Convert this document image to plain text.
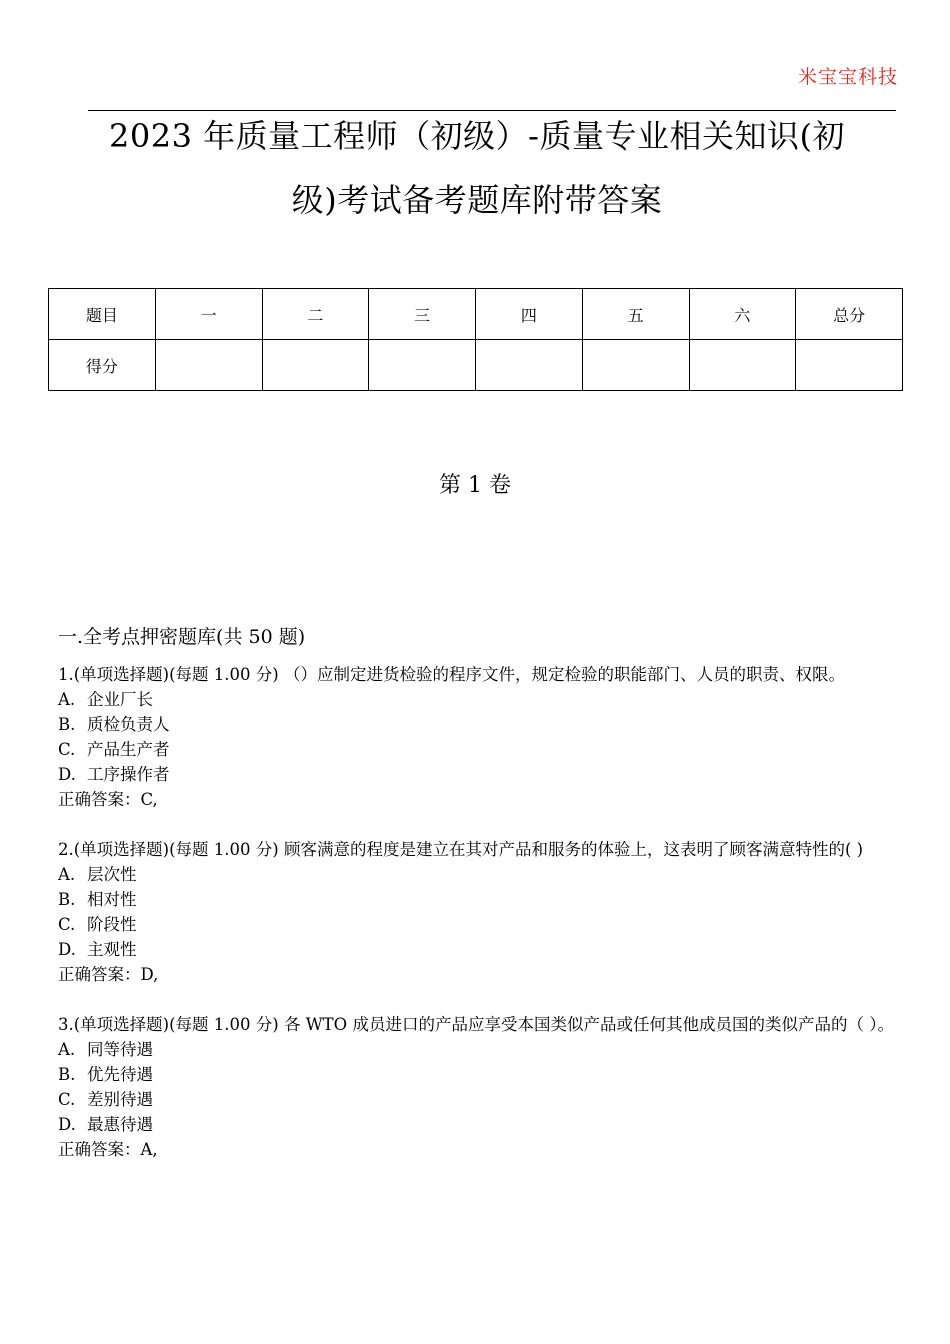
米宝宝科技
2023 年质量工程师（初级）-质量专业相关知识(初
级)考试备考题库附带答案
题目	一	二	三	四	五	六	总分
得分							
第 1 卷
一.全考点押密题库(共 50 题)
1.(单项选择题)(每题 1.00 分) （）应制定进货检验的程序文件，规定检验的职能部门、人员的职责、权限。
A. 企业厂长
B. 质检负责人
C. 产品生产者
D. 工序操作者
正确答案：C,
2.(单项选择题)(每题 1.00 分) 顾客满意的程度是建立在其对产品和服务的体验上，这表明了顾客满意特性的( )
A. 层次性
B. 相对性
C. 阶段性
D. 主观性
正确答案：D,
3.(单项选择题)(每题 1.00 分) 各 WTO 成员进口的产品应享受本国类似产品或任何其他成员国的类似产品的（ ）。
A. 同等待遇
B. 优先待遇
C. 差别待遇
D. 最惠待遇
正确答案：A,
